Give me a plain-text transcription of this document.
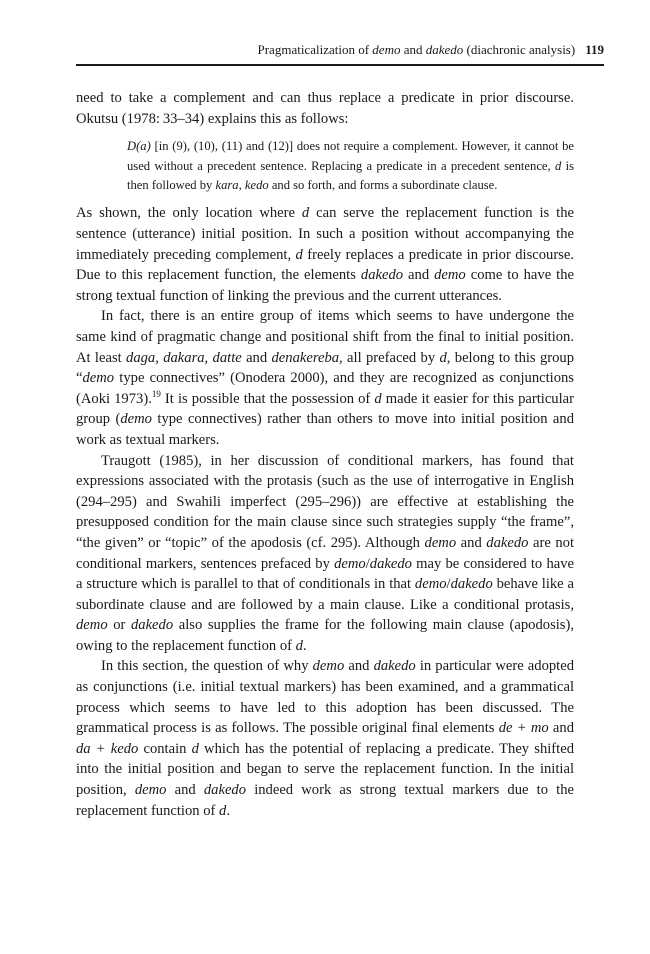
Pragmaticalization of demo and dakedo (diachronic analysis) 119

need to take a complement and can thus replace a predicate in prior discourse. Okutsu (1978: 33–34) explains this as follows:

D(a) [in (9), (10), (11) and (12)] does not require a complement. However, it cannot be used without a precedent sentence. Replacing a predicate in a precedent sentence, d is then followed by kara, kedo and so forth, and forms a subordinate clause.

As shown, the only location where d can serve the replacement function is the sentence (utterance) initial position. In such a position without accompanying the immediately preceding complement, d freely replaces a predicate in prior discourse. Due to this replacement function, the elements dakedo and demo come to have the strong textual function of linking the previous and the current utterances.

In fact, there is an entire group of items which seems to have undergone the same kind of pragmatic change and positional shift from the final to initial position. At least daga, dakara, datte and denakereba, all prefaced by d, belong to this group “demo type connectives” (Onodera 2000), and they are recognized as conjunctions (Aoki 1973).$^{19}$ It is possible that the possession of d made it easier for this particular group (demo type connectives) rather than others to move into initial position and work as textual markers.

Traugott (1985), in her discussion of conditional markers, has found that expressions associated with the protasis (such as the use of interrogative in English (294–295) and Swahili imperfect (295–296)) are effective at establishing the presupposed condition for the main clause since such strategies supply “the frame”, “the given” or “topic” of the apodosis (cf. 295). Although demo and dakedo are not conditional markers, sentences prefaced by demo/dakedo may be considered to have a structure which is parallel to that of conditionals in that demo/dakedo behave like a subordinate clause and are followed by a main clause. Like a conditional protasis, demo or dakedo also supplies the frame for the following main clause (apodosis), owing to the replacement function of d.

In this section, the question of why demo and dakedo in particular were adopted as conjunctions (i.e. initial textual markers) has been examined, and a grammatical process which seems to have led to this adoption has been discussed. The grammatical process is as follows. The possible original final elements de + mo and da + kedo contain d which has the potential of replacing a predicate. They shifted into the initial position and began to serve the replacement function. In the initial position, demo and dakedo indeed work as strong textual markers due to the replacement function of d.
